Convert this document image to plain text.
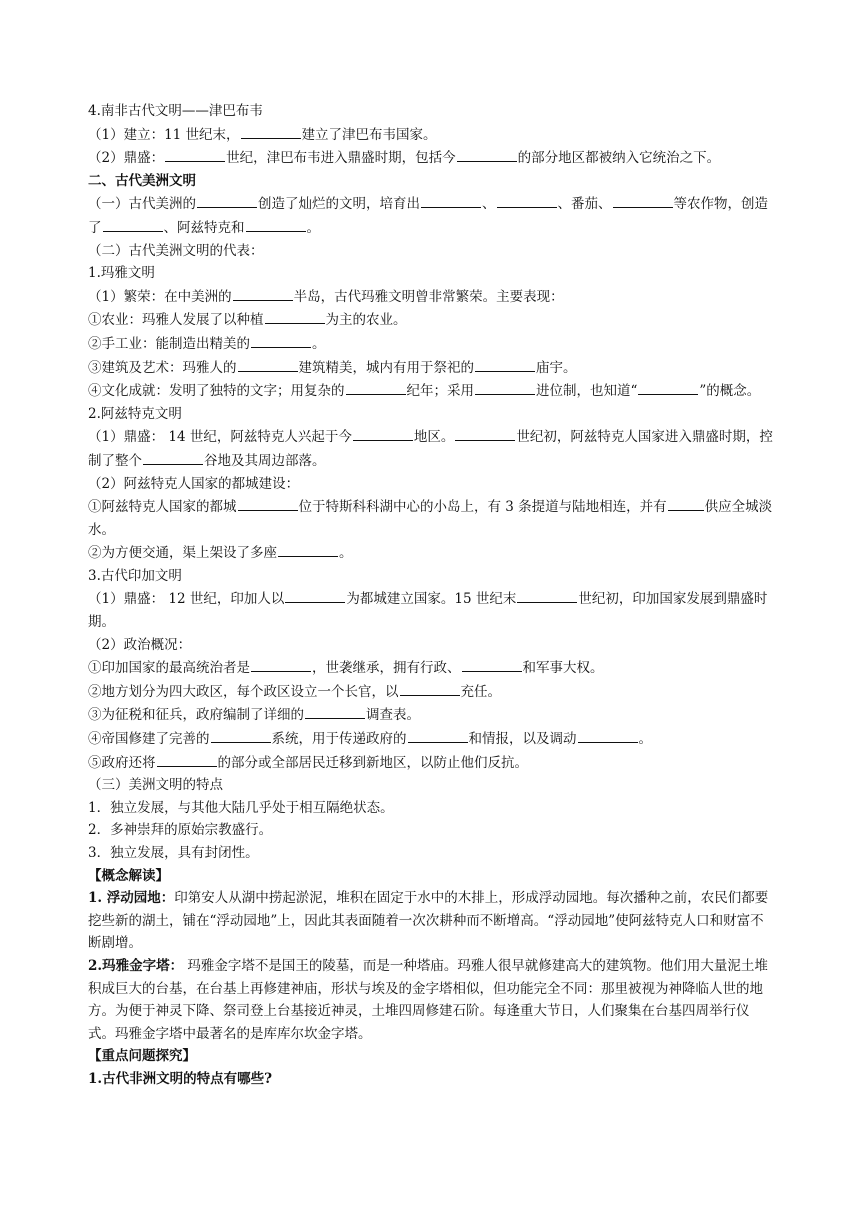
4.南非古代文明——津巴布韦

（1）建立：11 世纪末，	建立了津巴布韦国家。

（2）鼎盛：	世纪，津巴布韦进入鼎盛时期，包括今	的部分地区都被纳入它统治之下。

二、古代美洲文明

（一）古代美洲的	创造了灿烂的文明，培育出	、	、番茄、	等农作物，创造了	、阿兹特克和	。

（二）古代美洲文明的代表：

1.玛雅文明

（1）繁荣：在中美洲的	半岛，古代玛雅文明曾非常繁荣。主要表现：

①农业：玛雅人发展了以种植	为主的农业。

②手工业：能制造出精美的	。

③建筑及艺术：玛雅人的	建筑精美，城内有用于祭祀的	庙宇。

④文化成就：发明了独特的文字；用复杂的	纪年；采用	进位制，也知道“	”的概念。

2.阿兹特克文明

（1）鼎盛： 14 世纪，阿兹特克人兴起于今	地区。	世纪初，阿兹特克人国家进入鼎盛时期，控制了整个	谷地及其周边部落。

（2）阿兹特克人国家的都城建设：

①阿兹特克人国家的都城	位于特斯科科湖中心的小岛上，有 3 条提道与陆地相连，并有	供应全城淡水。

②为方便交通，渠上架设了多座	。

3.古代印加文明

（1）鼎盛： 12 世纪，印加人以	为都城建立国家。15 世纪末	世纪初，印加国家发展到鼎盛时期。

（2）政治概况：

①印加国家的最高统治者是	，世袭继承，拥有行政、	和军事大权。

②地方划分为四大政区，每个政区设立一个长官，以	充任。

③为征税和征兵，政府编制了详细的	调查表。

④帝国修建了完善的	系统，用于传递政府的	和情报，以及调动	。

⑤政府还将	的部分或全部居民迁移到新地区，以防止他们反抗。

（三）美洲文明的特点

1．独立发展，与其他大陆几乎处于相互隔绝状态。

2．多神崇拜的原始宗教盛行。

3．独立发展，具有封闭性。

【概念解读】

1. 浮动园地：印第安人从湖中捞起淤泥，堆积在固定于水中的木排上，形成浮动园地。每次播种之前，农民们都要挖些新的湖土，铺在“浮动园地”上，因此其表面随着一次次耕种而不断增高。“浮动园地”使阿兹特克人口和财富不断剧增。

2.玛雅金字塔： 玛雅金字塔不是国王的陵墓，而是一种塔庙。玛雅人很早就修建高大的建筑物。他们用大量泥土堆积成巨大的台基，在台基上再修建神庙，形状与埃及的金字塔相似，但功能完全不同：那里被视为神降临人世的地方。为便于神灵下降、祭司登上台基接近神灵，土堆四周修建石阶。每逢重大节日，人们聚集在台基四周举行仪式。玛雅金字塔中最著名的是库库尔坎金字塔。

【重点问题探究】

1.古代非洲文明的特点有哪些?
